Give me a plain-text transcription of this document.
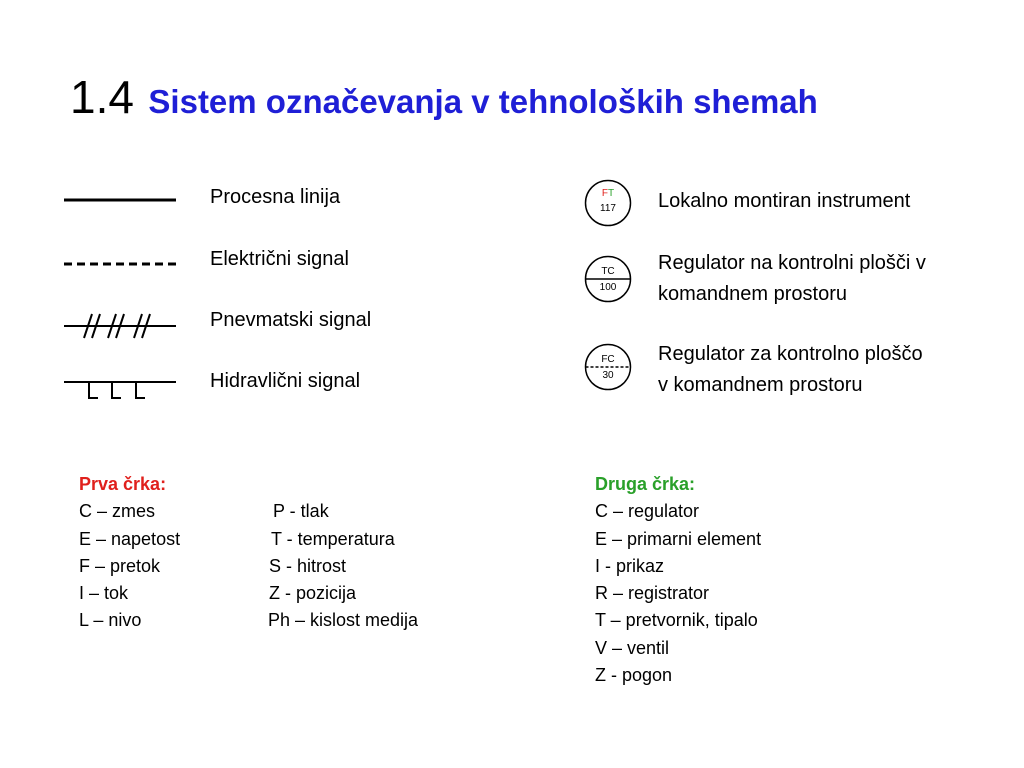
1.4 Sistem označevanja v tehnoloških shemah
Procesna linija
Električni signal
Pnevmatski signal
Hidravlični signal
FT
117 Lokalno montiran instrument
TC
100
Regulator na kontrolni plošči v
komandnem prostoru
FC
30
Regulator za kontrolno ploščo
v komandnem prostoru
Prva črka:
C – zmes	P - tlak
E – napetost	T - temperatura
F – pretok	S - hitrost
I – tok	Z - pozicija
L – nivo	Ph – kislost medija
Druga črka:
C – regulator
E – primarni element
I - prikaz
R – registrator
T – pretvornik, tipalo
V – ventil
Z - pogon
